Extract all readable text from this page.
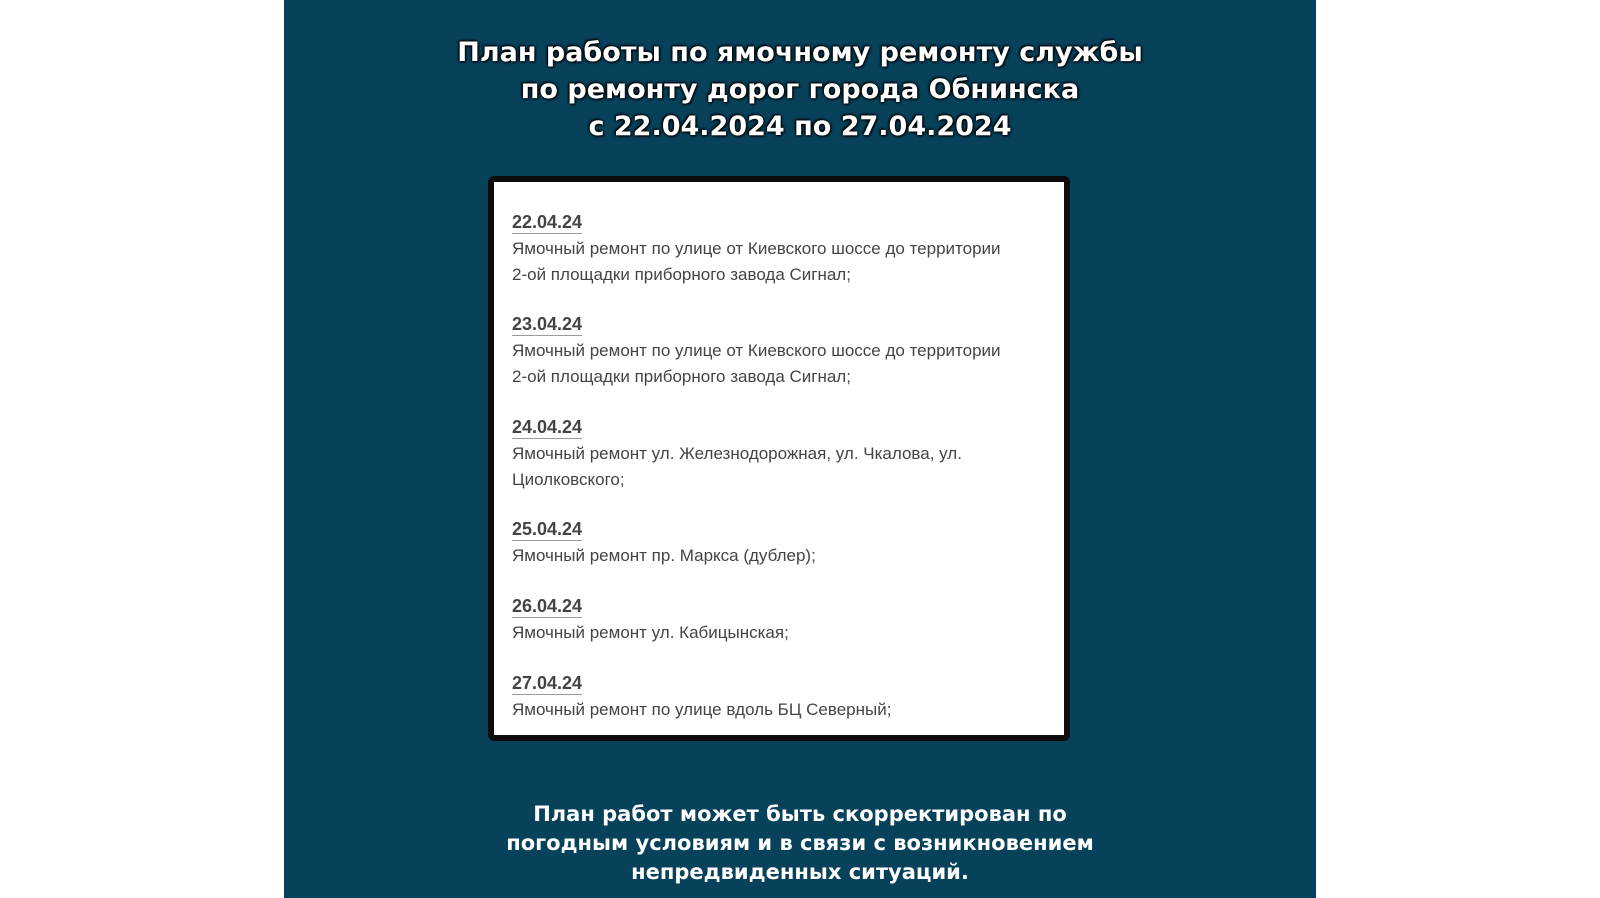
План работы по ямочному ремонту службы
по ремонту дорог города Обнинска
с 22.04.2024 по 27.04.2024
22.04.24
Ямочный ремонт по улице от Киевского шоссе до территории
2-ой площадки приборного завода Сигнал;
23.04.24
Ямочный ремонт по улице от Киевского шоссе до территории
2-ой площадки приборного завода Сигнал;
24.04.24
Ямочный ремонт ул. Железнодорожная, ул. Чкалова, ул.
Циолковского;
25.04.24
Ямочный ремонт пр. Маркса (дублер);
26.04.24
Ямочный ремонт ул. Кабицынская;
27.04.24
Ямочный ремонт по улице вдоль БЦ Северный;
План работ может быть скорректирован по
погодным условиям и в связи с возникновением
непредвиденных ситуаций.
